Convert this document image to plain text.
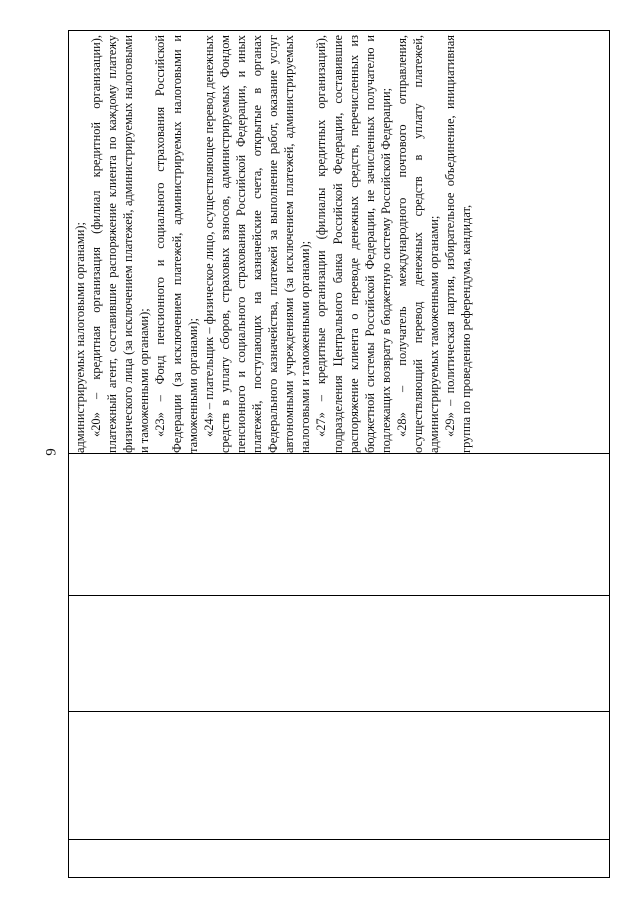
9 администрируемых налоговыми органами); «20» – кредитная организация (филиал кредитной организации), платежный агент, составившие распоряжение клиента по каждому платежу физического лица (за исключением платежей, администрируемых налоговыми и таможенными органами); «23» – Фонд пенсионного и социального страхования Российской Федерации (за исключением платежей, администрируемых налоговыми и таможенными органами); «24» – плательщик – физическое лицо, осуществляющее перевод денежных средств в уплату сборов, страховых взносов, администрируемых Фондом пенсионного и социального страхования Российской Федерации, и иных платежей, поступающих на казначейские счета, открытые в органах Федерального казначейства, платежей за выполнение работ, оказание услуг автономными учреждениями (за исключением платежей, администрируемых налоговыми и таможенными органами); «27» – кредитные организации (филиалы кредитных организаций), подразделения Центрального банка Российской Федерации, составившие распоряжение клиента о переводе денежных средств, перечисленных из бюджетной системы Российской Федерации, не зачисленных получателю и подлежащих возврату в бюджетную систему Российской Федерации; «28» – получатель международного почтового отправления, осуществляющий перевод денежных средств в уплату платежей, администрируемых таможенными органами; «29» – политическая партия, избирательное объединение, инициативная группа по проведению референдума, кандидат,
